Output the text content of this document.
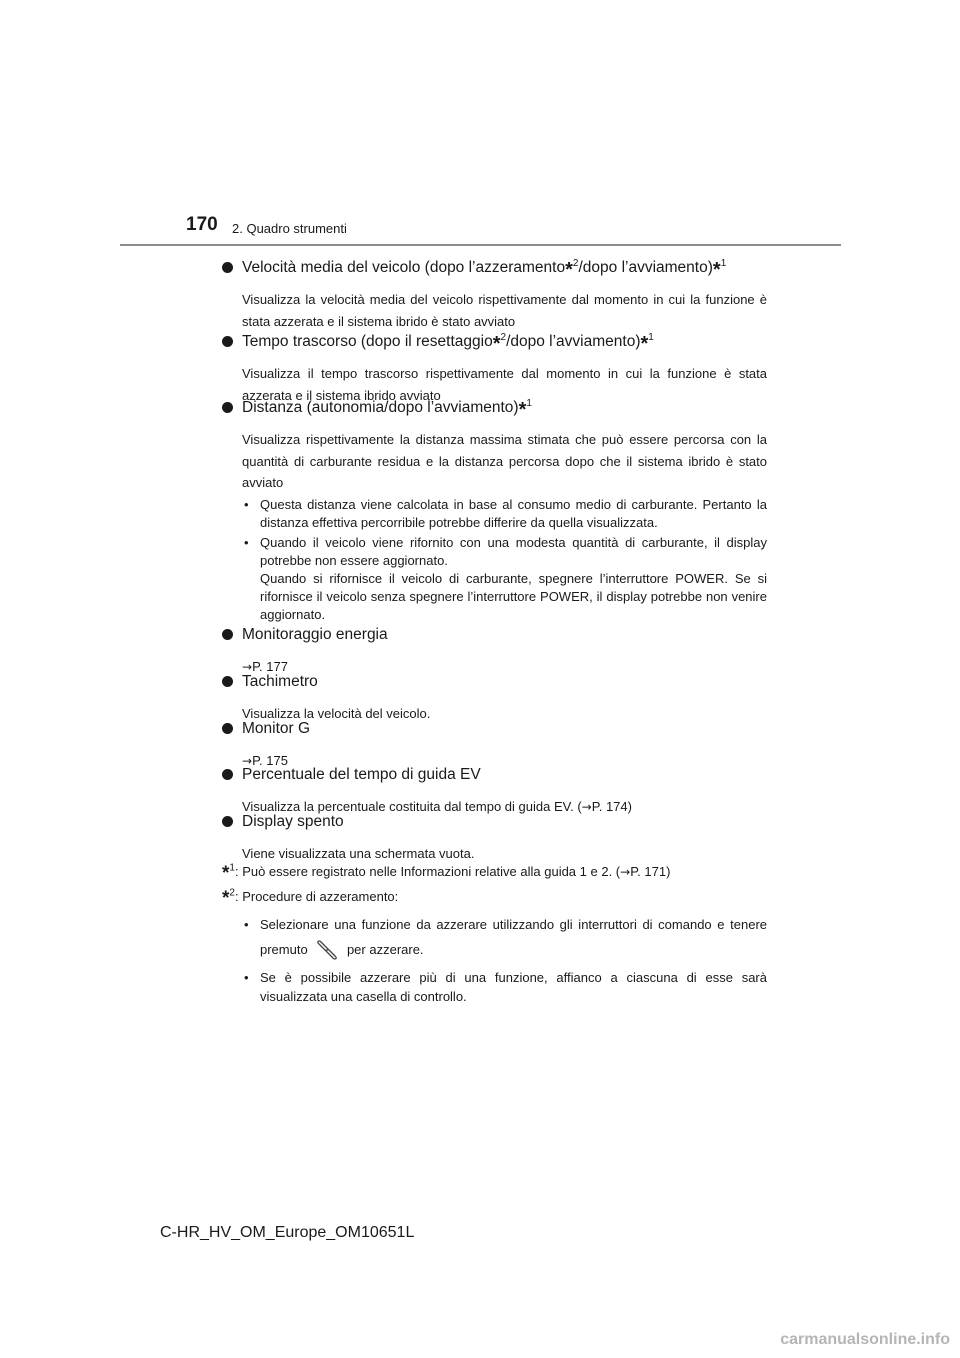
170 2. Quadro strumenti
Velocità media del veicolo (dopo l’azzeramento*$^2$/dopo l’avviamento)*$^1$
Visualizza la velocità media del veicolo rispettivamente dal momento in cui la funzione è stata azzerata e il sistema ibrido è stato avviato
Tempo trascorso (dopo il resettaggio*$^2$/dopo l’avviamento)*$^1$
Visualizza il tempo trascorso rispettivamente dal momento in cui la funzione è stata azzerata e il sistema ibrido avviato
Distanza (autonomia/dopo l’avviamento)*$^1$
Visualizza rispettivamente la distanza massima stimata che può essere percorsa con la quantità di carburante residua e la distanza percorsa dopo che il sistema ibrido è stato avviato
• Questa distanza viene calcolata in base al consumo medio di carburante. Pertanto la distanza effettiva percorribile potrebbe differire da quella visualizzata.
• Quando il veicolo viene rifornito con una modesta quantità di carburante, il display potrebbe non essere aggiornato.
Quando si rifornisce il veicolo di carburante, spegnere l’interruttore POWER. Se si rifornisce il veicolo senza spegnere l’interruttore POWER, il display potrebbe non venire aggiornato.
Monitoraggio energia
→P. 177
Tachimetro
Visualizza la velocità del veicolo.
Monitor G
→P. 175
Percentuale del tempo di guida EV
Visualizza la percentuale costituita dal tempo di guida EV. (→P. 174)
Display spento
Viene visualizzata una schermata vuota.
*$^1$: Può essere registrato nelle Informazioni relative alla guida 1 e 2. (→P. 171)
*$^2$: Procedure di azzeramento:
• Selezionare una funzione da azzerare utilizzando gli interruttori di comando e tenere premuto	per azzerare.
• Se è possibile azzerare più di una funzione, affianco a ciascuna di esse sarà visualizzata una casella di controllo.
C-HR_HV_OM_Europe_OM10651L
carmanualsonline.info
